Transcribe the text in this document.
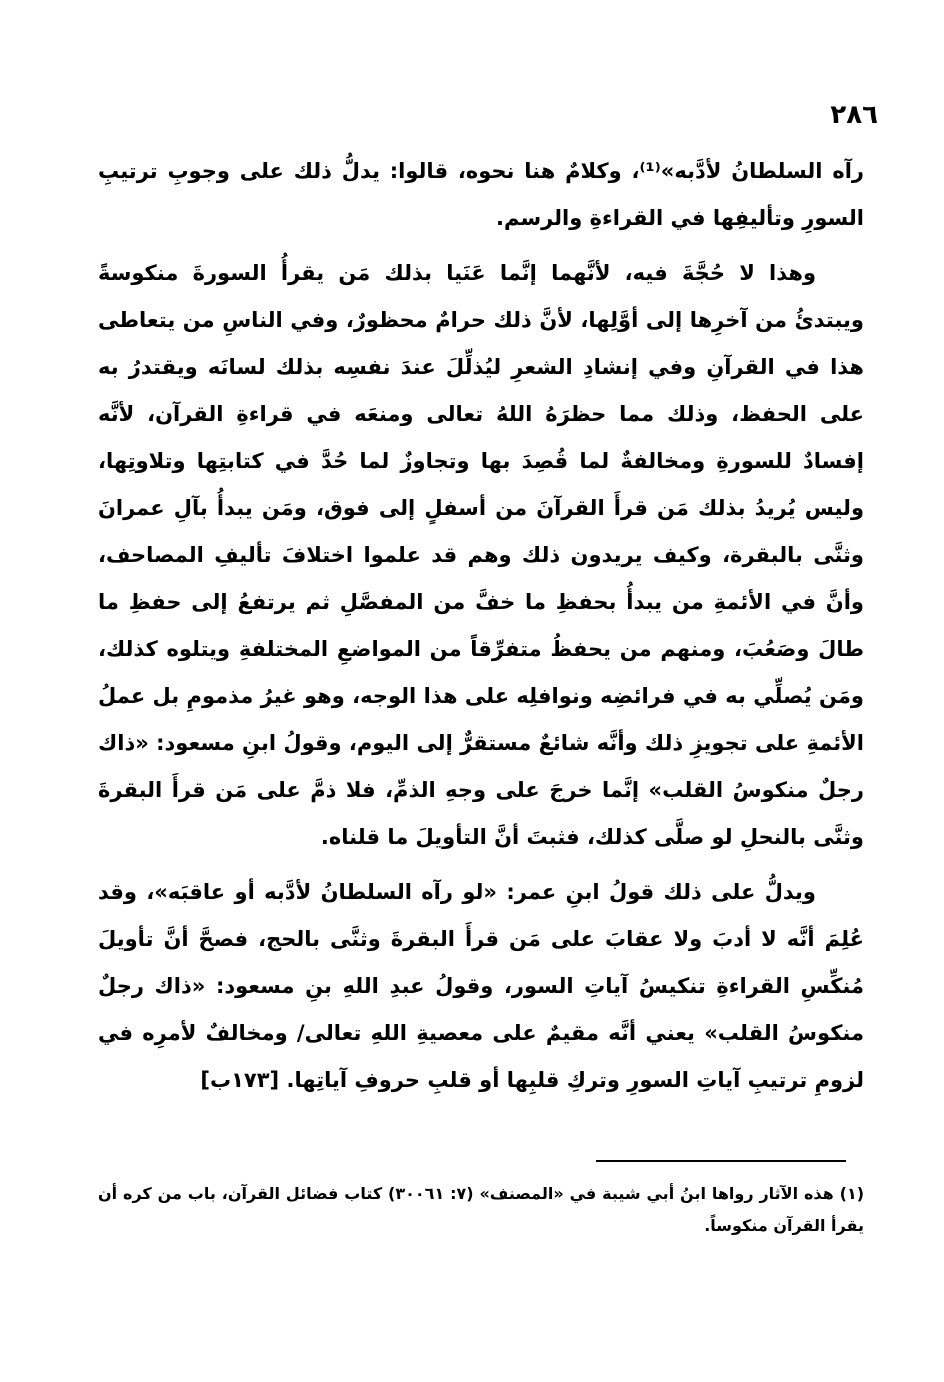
٢٨٦

رآه السلطانُ لأدَّبه»⁽¹⁾، وكلامٌ هنا نحوه، قالوا: يدلُّ ذلك على وجوبِ ترتيبِ السورِ وتأليفِها في القراءةِ والرسم.

وهذا لا حُجَّةَ فيه، لأنَّهما إنَّما عَنَيا بذلك مَن يقرأُ السورةَ منكوسةً ويبتدئُ من آخرِها إلى أوَّلِها، لأنَّ ذلك حرامٌ محظورٌ، وفي الناسِ من يتعاطى هذا في القرآنِ وفي إنشادِ الشعرِ ليُذلِّلَ عندَ نفسِه بذلك لسانَه ويقتدرُ به على الحفظ، وذلك مما حظرَهُ اللهُ تعالى ومنعَه في قراءةِ القرآن، لأنَّه إفسادٌ للسورةِ ومخالفةٌ لما قُصِدَ بها وتجاوزٌ لما حُدَّ في كتابتِها وتلاوتِها، وليس يُريدُ بذلك مَن قرأَ القرآنَ من أسفلٍ إلى فوق، ومَن يبدأُ بآلِ عمرانَ وثنَّى بالبقرة، وكيف يريدون ذلك وهم قد علموا اختلافَ تأليفِ المصاحف، وأنَّ في الأئمةِ من يبدأُ بحفظِ ما خفَّ من المفصَّلِ ثم يرتفعُ إلى حفظِ ما طالَ وصَعُبَ، ومنهم من يحفظُ متفرِّقاً من المواضعِ المختلفةِ ويتلوه كذلك، ومَن يُصلِّي به في فرائضِه ونوافلِه على هذا الوجه، وهو غيرُ مذمومِ بل عملُ الأئمةِ على تجويزِ ذلك وأنَّه شائعٌ مستقرٌّ إلى اليوم، وقولُ ابنِ مسعود: «ذاك رجلٌ منكوسُ القلب» إنَّما خرجَ على وجهِ الذمِّ، فلا ذمَّ على مَن قرأَ البقرةَ وثنَّى بالنحلِ لو صلَّى كذلك، فثبتَ أنَّ التأويلَ ما قلناه.

ويدلُّ على ذلك قولُ ابنِ عمر: «لو رآه السلطانُ لأدَّبه أو عاقبَه»، وقد عُلِمَ أنَّه لا أدبَ ولا عقابَ على مَن قرأَ البقرةَ وثنَّى بالحج، فصحَّ أنَّ تأويلَ مُنكِّسِ القراءةِ تنكيسُ آياتِ السور، وقولُ عبدِ اللهِ بنِ مسعود: «ذاك رجلٌ منكوسُ القلب» يعني أنَّه مقيمٌ على معصيةِ اللهِ تعالى/ ومخالفٌ لأمرِه في لزومِ ترتيبِ آياتِ السورِ وتركِ قلبِها أو قلبِ حروفِ آياتِها. [١٧٣ب]

(١) هذه الآثار رواها ابنُ أبي شيبة في «المصنف» (٧: ٣٠٠٦١) كتاب فضائل القرآن، باب من كره أن يقرأ القرآن منكوساً.
